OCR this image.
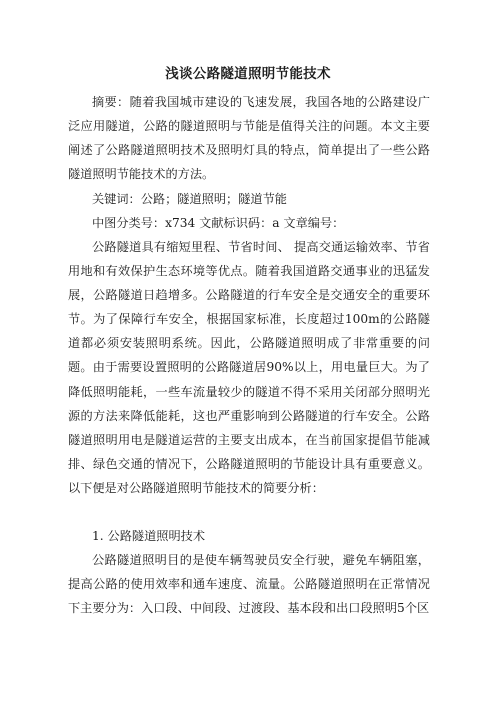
浅谈公路隧道照明节能技术

摘要：随着我国城市建设的飞速发展，我国各地的公路建设广泛应用隧道，公路的隧道照明与节能是值得关注的问题。本文主要阐述了公路隧道照明技术及照明灯具的特点，简单提出了一些公路隧道照明节能技术的方法。

关键词：公路；隧道照明；隧道节能

中图分类号：x734 文献标识码：a 文章编号：

公路隧道具有缩短里程、节省时间、 提高交通运输效率、节省用地和有效保护生态环境等优点。随着我国道路交通事业的迅猛发展，公路隧道日趋增多。公路隧道的行车安全是交通安全的重要环节。为了保障行车安全，根据国家标准，长度超过100m的公路隧道都必须安装照明系统。因此，公路隧道照明成了非常重要的问题。由于需要设置照明的公路隧道居90%以上，用电量巨大。为了降低照明能耗，一些车流量较少的隧道不得不采用关闭部分照明光源的方法来降低能耗，这也严重影响到公路隧道的行车安全。公路隧道照明用电是隧道运营的主要支出成本，在当前国家提倡节能减排、绿色交通的情况下，公路隧道照明的节能设计具有重要意义。以下便是对公路隧道照明节能技术的简要分析：

1. 公路隧道照明技术

公路隧道照明目的是使车辆驾驶员安全行驶，避免车辆阻塞，提高公路的使用效率和通车速度、流量。公路隧道照明在正常情况下主要分为：入口段、中间段、过渡段、基本段和出口段照明5个区
